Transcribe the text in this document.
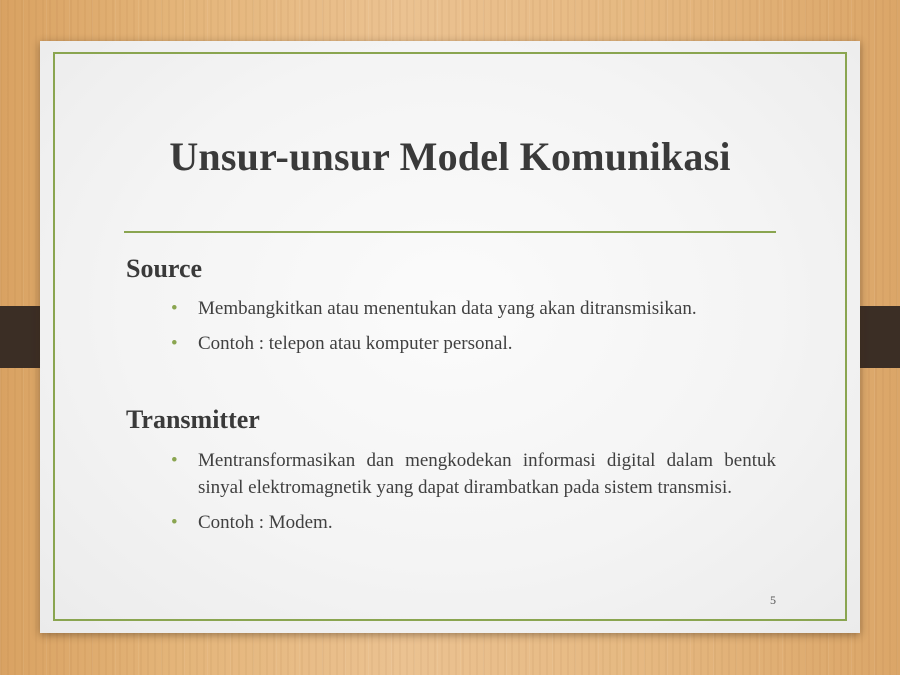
Unsur-unsur Model Komunikasi
Source
• Membangkitkan atau menentukan data yang akan ditransmisikan.
• Contoh : telepon atau komputer personal.
Transmitter
• Mentransformasikan dan mengkodekan informasi digital dalam bentuk sinyal elektromagnetik yang dapat dirambatkan pada sistem transmisi.
• Contoh : Modem.
5
